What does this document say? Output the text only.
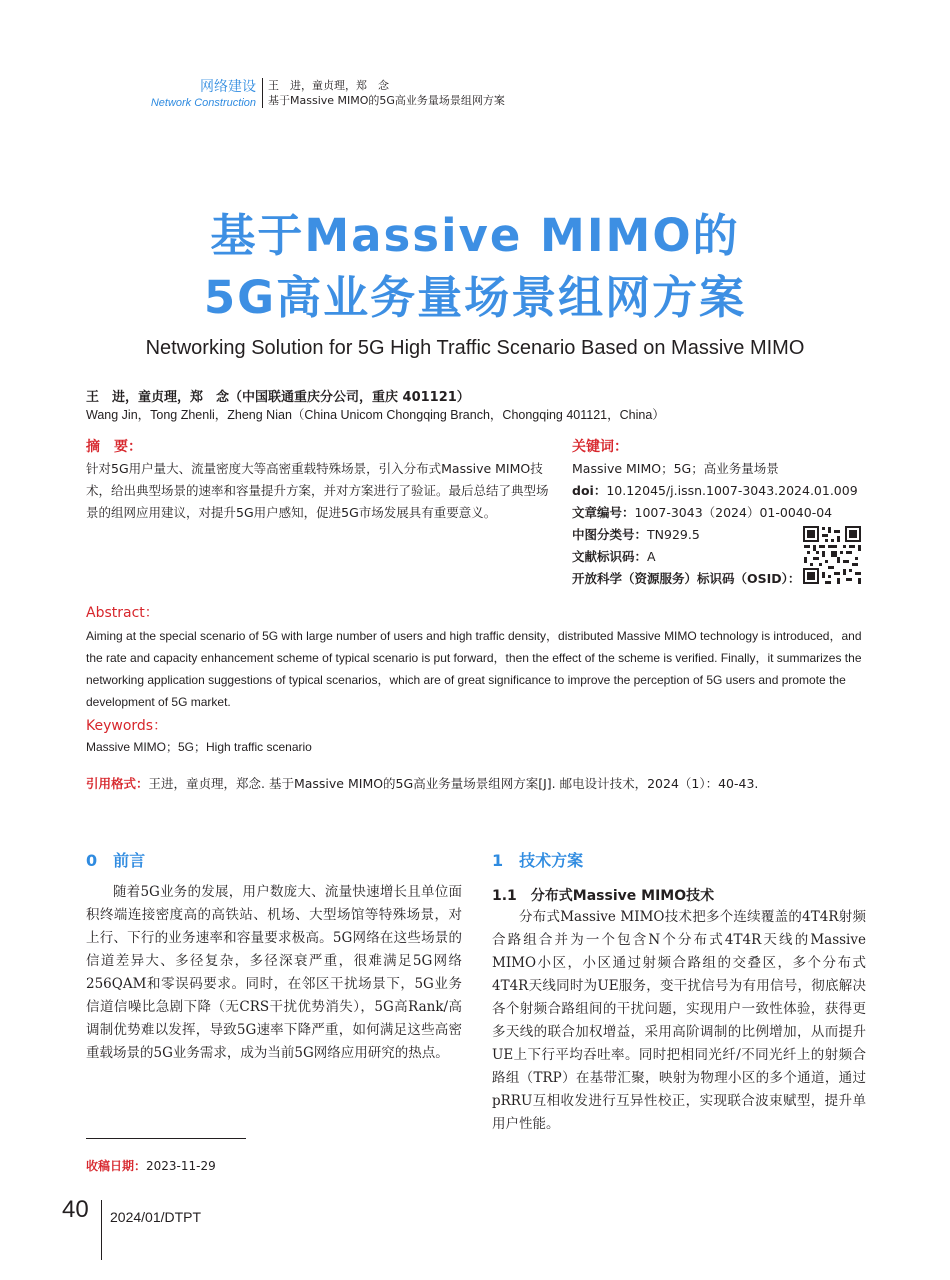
网络建设
Network Construction
王　进，童贞理，郑　念
基于Massive MIMO的5G高业务量场景组网方案
基于Massive MIMO的
5G高业务量场景组网方案
Networking Solution for 5G High Traffic Scenario Based on Massive MIMO
王　进，童贞理，郑　念（中国联通重庆分公司，重庆 401121）
Wang Jin，Tong Zhenli，Zheng Nian（China Unicom Chongqing Branch，Chongqing 401121，China）
摘　要：

针对5G用户量大、流量密度大等高密重载特殊场景，引入分布式Massive MIMO技术，给出典型场景的速率和容量提升方案，并对方案进行了验证。最后总结了典型场景的组网应用建议，对提升5G用户感知，促进5G市场发展具有重要意义。

关键词：
Massive MIMO；5G；高业务量场景
doi：10.12045/j.issn.1007-3043.2024.01.009
文章编号：1007-3043（2024）01-0040-04
中图分类号：TN929.5
文献标识码：A
开放科学（资源服务）标识码（OSID）：
Abstract：
Aiming at the special scenario of 5G with large number of users and high traffic density，distributed Massive MIMO technology is introduced，and the rate and capacity enhancement scheme of typical scenario is put forward，then the effect of the scheme is verified. Finally，it summarizes the networking application suggestions of typical scenarios，which are of great significance to improve the perception of 5G users and promote the development of 5G market.
Keywords：
Massive MIMO；5G；High traffic scenario
引用格式：王进，童贞理，郑念. 基于Massive MIMO的5G高业务量场景组网方案[J]. 邮电设计技术，2024（1）：40-43.
0　前言
随着5G业务的发展，用户数庞大、流量快速增长且单位面积终端连接密度高的高铁站、机场、大型场馆等特殊场景，对上行、下行的业务速率和容量要求极高。5G网络在这些场景的信道差异大、多径复杂，多径深衰严重，很难满足5G网络256QAM和零误码要求。同时，在邻区干扰场景下，5G业务信道信噪比急剧下降（无CRS干扰优势消失），5G高Rank/高调制优势难以发挥，导致5G速率下降严重，如何满足这些高密重载场景的5G业务需求，成为当前5G网络应用研究的热点。
收稿日期：2023-11-29
1　技术方案
1.1　分布式Massive MIMO技术
分布式Massive MIMO技术把多个连续覆盖的4T4R射频合路组合并为一个包含N个分布式4T4R天线的Massive MIMO小区，小区通过射频合路组的交叠区，多个分布式4T4R天线同时为UE服务，变干扰信号为有用信号，彻底解决各个射频合路组间的干扰问题，实现用户一致性体验，获得更多天线的联合加权增益，采用高阶调制的比例增加，从而提升UE上下行平均吞吐率。同时把相同光纤/不同光纤上的射频合路组（TRP）在基带汇聚，映射为物理小区的多个通道，通过pRRU互相收发进行互异性校正，实现联合波束赋型，提升单用户性能。
40 2024/01/DTPT
